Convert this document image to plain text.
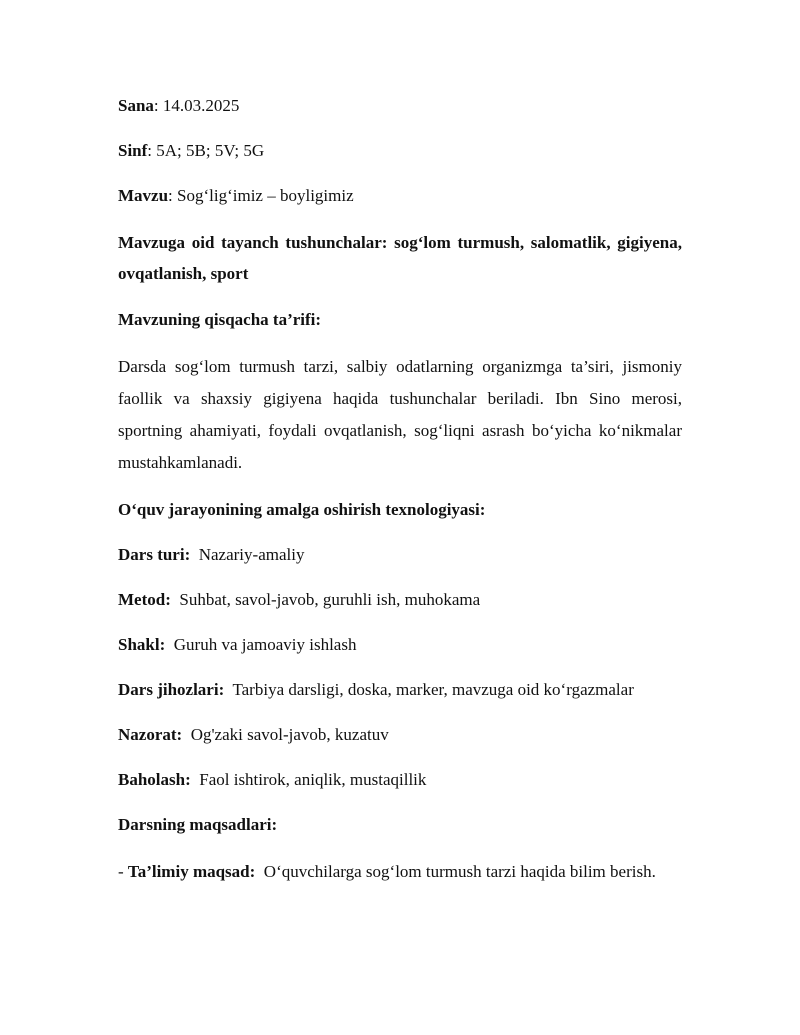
Sana: 14.03.2025

Sinf: 5A; 5B; 5V; 5G

Mavzu: Sog‘lig‘imiz – boyligimiz

Mavzuga oid tayanch tushunchalar: sog‘lom turmush, salomatlik, gigiyena, ovqatlanish, sport

Mavzuning qisqacha ta’rifi:

Darsda sog‘lom turmush tarzi, salbiy odatlarning organizmga ta’siri, jismoniy faollik va shaxsiy gigiyena haqida tushunchalar beriladi. Ibn Sino merosi, sportning ahamiyati, foydali ovqatlanish, sog‘liqni asrash bo‘yicha ko‘nikmalar mustahkamlanadi.

O‘quv jarayonining amalga oshirish texnologiyasi:

Dars turi: Nazariy-amaliy

Metod: Suhbat, savol-javob, guruhli ish, muhokama

Shakl: Guruh va jamoaviy ishlash

Dars jihozlari: Tarbiya darsligi, doska, marker, mavzuga oid ko‘rgazmalar

Nazorat: Og'zaki savol-javob, kuzatuv

Baholash: Faol ishtirok, aniqlik, mustaqillik

Darsning maqsadlari:

- Ta’limiy maqsad: O‘quvchilarga sog‘lom turmush tarzi haqida bilim berish.
